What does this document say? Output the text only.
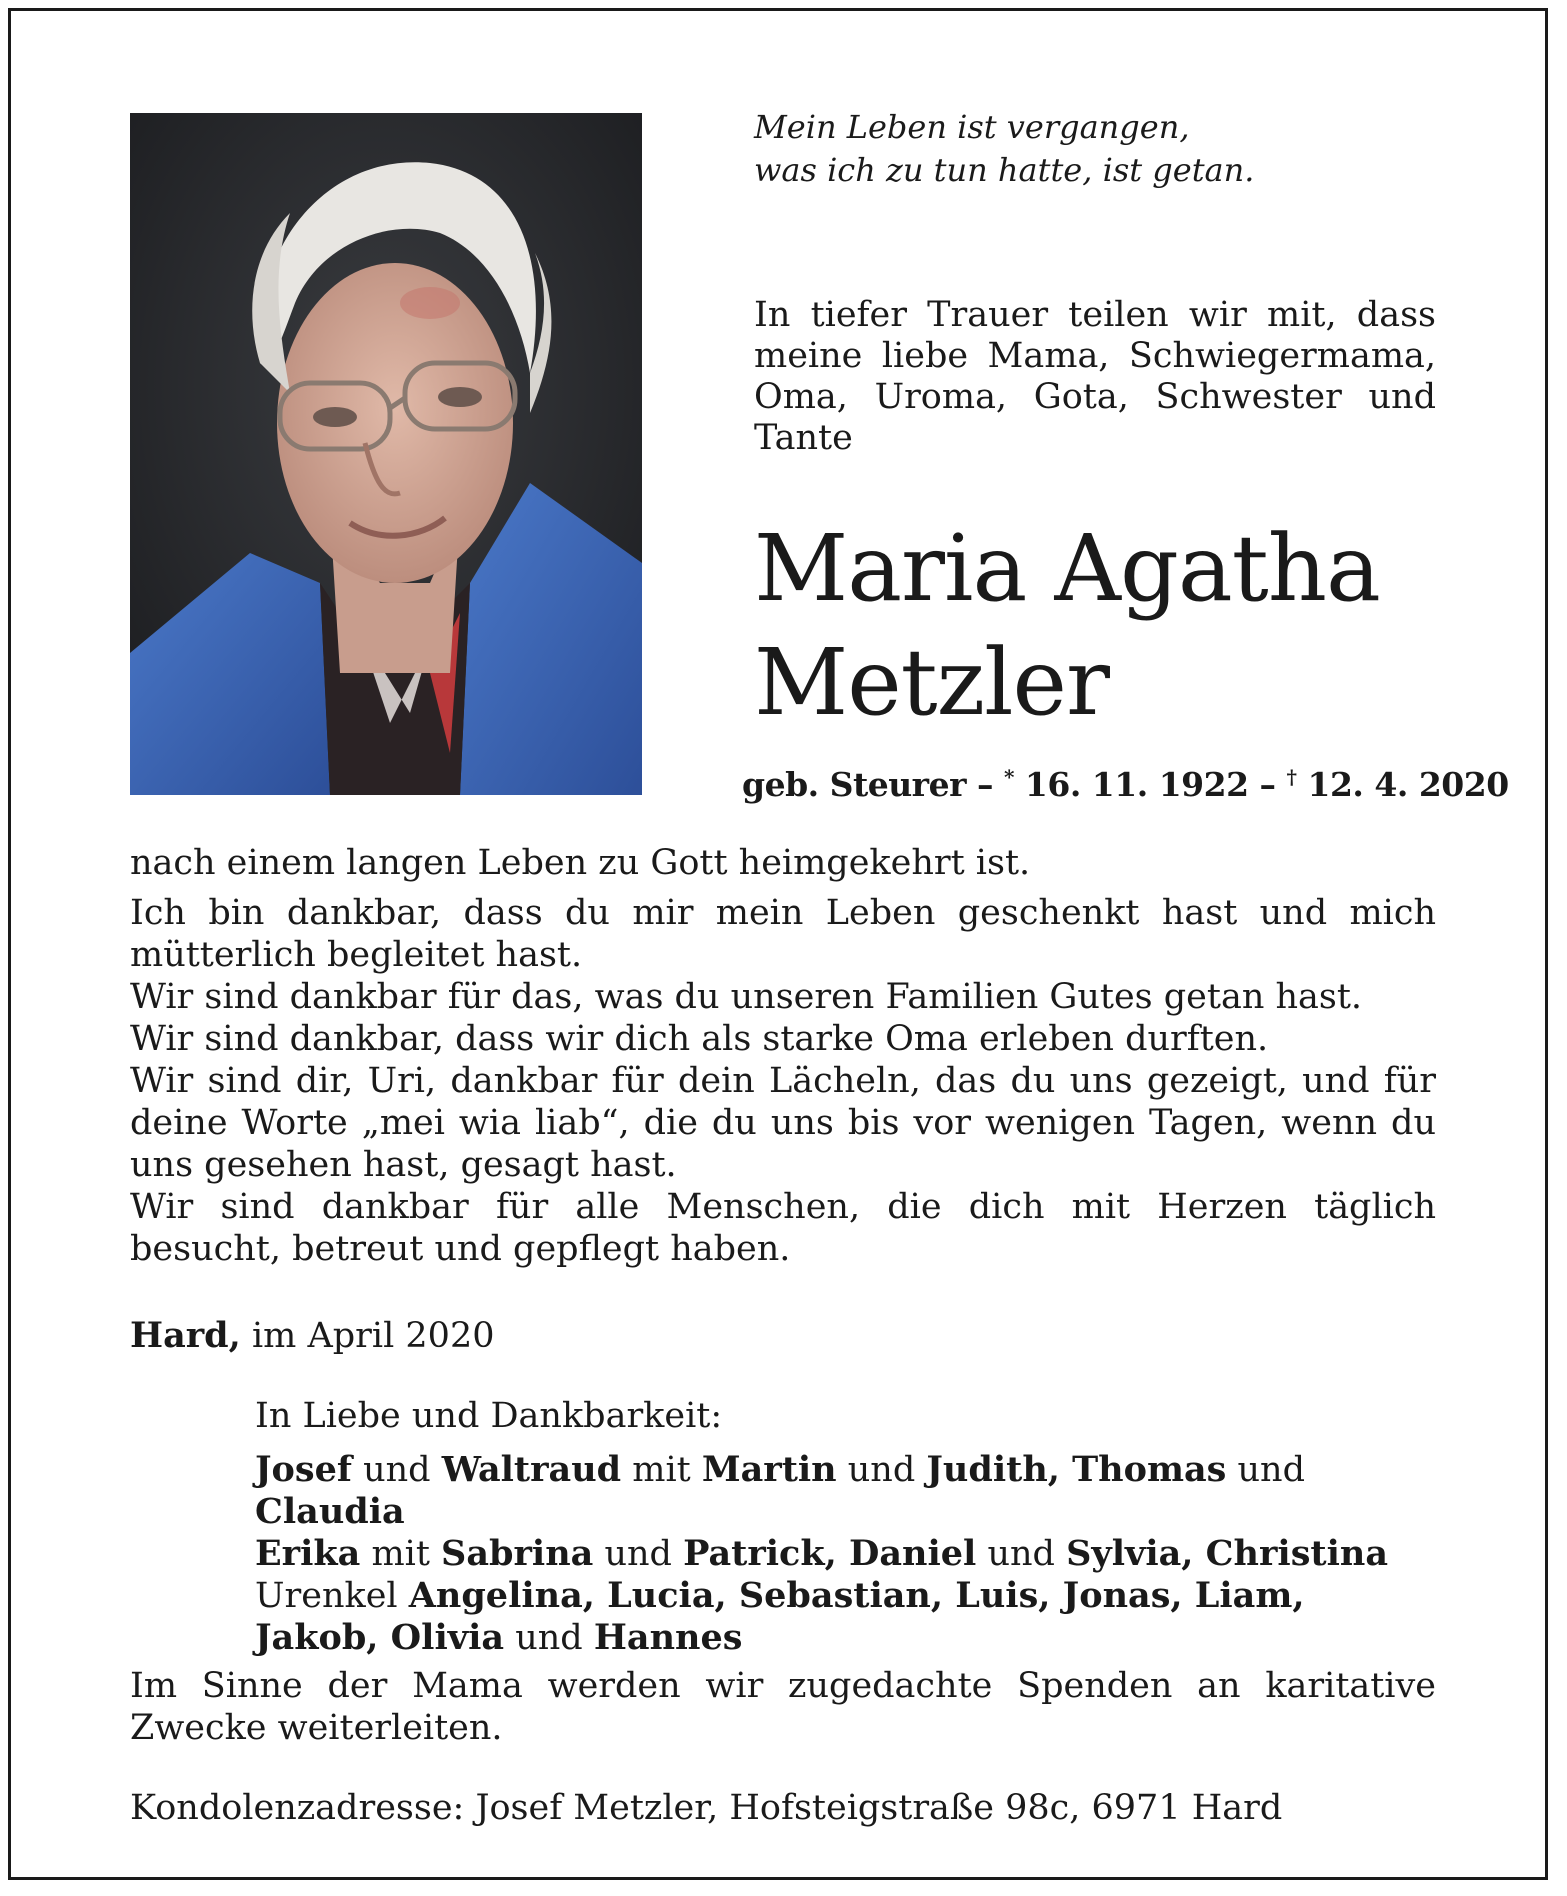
Mein Leben ist vergangen,
was ich zu tun hatte, ist getan.
In tiefer Trauer teilen wir mit, dass meine liebe Mama, Schwiegermama, Oma, Uroma, Gota, Schwester und Tante
Maria Agatha
Metzler
geb. Steurer – * 16. 11. 1922 – † 12. 4. 2020

nach einem langen Leben zu Gott heimgekehrt ist.

Ich bin dankbar, dass du mir mein Leben geschenkt hast und mich mütterlich begleitet hast.

Wir sind dankbar für das, was du unseren Familien Gutes getan hast.

Wir sind dankbar, dass wir dich als starke Oma erleben durften.

Wir sind dir, Uri, dankbar für dein Lächeln, das du uns gezeigt, und für deine Worte „mei wia liab“, die du uns bis vor wenigen Tagen, wenn du uns gesehen hast, gesagt hast.

Wir sind dankbar für alle Menschen, die dich mit Herzen täglich besucht, betreut und gepflegt haben.

Hard, im April 2020
In Liebe und Dankbarkeit:
Josef und Waltraud mit Martin und Judith, Thomas und Claudia
Erika mit Sabrina und Patrick, Daniel und Sylvia, Christina
Urenkel Angelina, Lucia, Sebastian, Luis, Jonas, Liam,
Jakob, Olivia und Hannes
Im Sinne der Mama werden wir zugedachte Spenden an karitative Zwecke weiterleiten.
Kondolenzadresse: Josef Metzler, Hofsteigstraße 98c, 6971 Hard
